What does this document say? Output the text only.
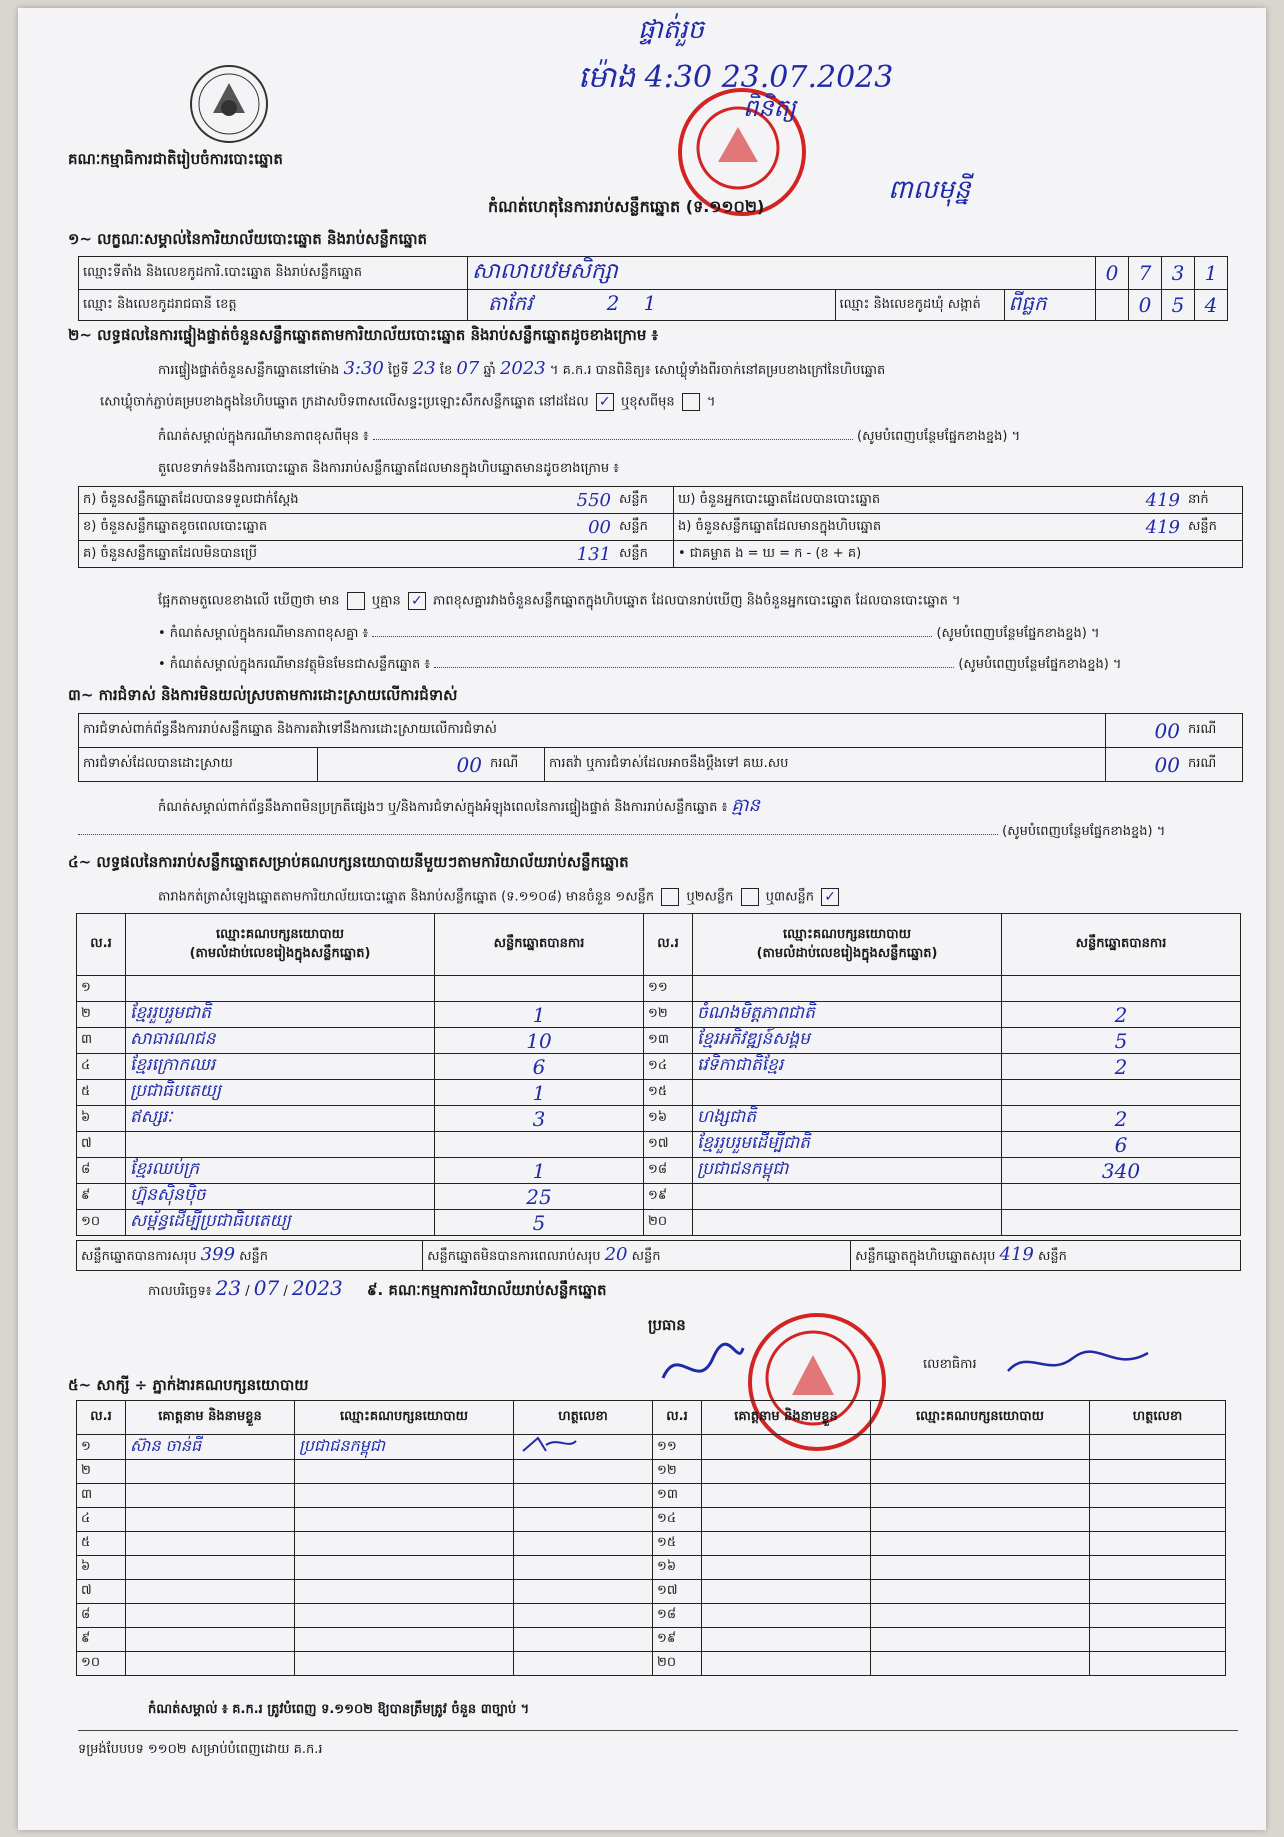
គណៈកម្មាធិការជាតិរៀបចំការបោះឆ្នោត
ផ្ទាត់រួច
ម៉ោង 4:30 23.07.2023
ពិនិត្យ
ពាលមុន្នី
កំណត់ហេតុនៃការរាប់សន្លឹកឆ្នោត (ទ.១១០២)
១~ លក្ខណៈសម្គាល់នៃការិយាល័យបោះឆ្នោត និងរាប់សន្លឹកឆ្នោត
ឈ្មោះទីតាំង និងលេខកូដការិ.បោះឆ្នោត និងរាប់សន្លឹកឆ្នោត	សាលាបឋមសិក្សា			0	7	3	1
ឈ្មោះ និងលេខកូដរាជធានី ខេត្ត	តាកែវ 2 1	ឈ្មោះ និងលេខកូដឃុំ សង្កាត់	ពីធ្លក		0	5	4
២~ លទ្ធផលនៃការផ្ទៀងផ្ទាត់ចំនួនសន្លឹកឆ្នោតតាមការិយាល័យបោះឆ្នោត និងរាប់សន្លឹកឆ្នោតដូចខាងក្រោម ៖
ការផ្ទៀងផ្ទាត់ចំនួនសន្លឹកឆ្នោតនៅម៉ោង 3:30 ថ្ងៃទី 23 ខែ 07 ឆ្នាំ 2023 ។ គ.ក.រ បានពិនិត្យ៖ សោឃ្លុំទាំងពីរចាក់នៅគម្របខាងក្រៅនៃហិបឆ្នោត
សោឃ្លុំចាក់ភ្ជាប់គម្របខាងក្នុងនៃហិបឆ្នោត ក្រដាសបិទពាសលើសន្ទះប្រឡោះសឹកសន្លឹកឆ្នោត នៅដដែល ✓ ឬខុសពីមុន ។
កំណត់សម្គាល់ក្នុងករណីមានភាពខុសពីមុន ៖	(សូមបំពេញបន្ថែមផ្នែកខាងខ្នង) ។
តួលេខទាក់ទងនឹងការបោះឆ្នោត និងការរាប់សន្លឹកឆ្នោតដែលមានក្នុងហិបឆ្នោតមានដូចខាងក្រោម ៖
ក) ចំនួនសន្លឹកឆ្នោតដែលបានទទួលជាក់ស្តែង	550	សន្លឹក	ឃ) ចំនួនអ្នកបោះឆ្នោតដែលបានបោះឆ្នោត	419	នាក់
ខ) ចំនួនសន្លឹកឆ្នោតខូចពេលបោះឆ្នោត	00	សន្លឹក	ង) ចំនួនសន្លឹកឆ្នោតដែលមានក្នុងហិបឆ្នោត	419	សន្លឹក
គ) ចំនួនសន្លឹកឆ្នោតដែលមិនបានប្រើ	131	សន្លឹក	• ជាគម្លាត ង = ឃ = ក - (ខ + គ)		
ផ្អែកតាមតួលេខខាងលើ ឃើញថា មាន ឬគ្មាន ✓ ភាពខុសគ្នារវាងចំនួនសន្លឹកឆ្នោតក្នុងហិបឆ្នោត ដែលបានរាប់ឃើញ និងចំនួនអ្នកបោះឆ្នោត ដែលបានបោះឆ្នោត ។
• កំណត់សម្គាល់ក្នុងករណីមានភាពខុសគ្នា ៖	(សូមបំពេញបន្ថែមផ្នែកខាងខ្នង) ។
• កំណត់សម្គាល់ក្នុងករណីមានវត្ថុមិនមែនជាសន្លឹកឆ្នោត ៖	(សូមបំពេញបន្ថែមផ្នែកខាងខ្នង) ។
៣~ ការជំទាស់ និងការមិនយល់ស្របតាមការដោះស្រាយលើការជំទាស់
ការជំទាស់ពាក់ព័ន្ធនឹងការរាប់សន្លឹកឆ្នោត និងការតវ៉ាទៅនឹងការដោះស្រាយលើការជំទាស់				00	ករណី
ការជំទាស់ដែលបានដោះស្រាយ	00	ករណី	ការតវ៉ា ឬការជំទាស់ដែលអាចនឹងប្តឹងទៅ គឃ.សប	00	ករណី
កំណត់សម្គាល់ពាក់ព័ន្ធនឹងភាពមិនប្រក្រតីផ្សេងៗ ឬ/និងការជំទាស់ក្នុងអំឡុងពេលនៃការផ្ទៀងផ្ទាត់ និងការរាប់សន្លឹកឆ្នោត ៖ គ្មាន
(សូមបំពេញបន្ថែមផ្នែកខាងខ្នង) ។
៤~ លទ្ធផលនៃការរាប់សន្លឹកឆ្នោតសម្រាប់គណបក្សនយោបាយនីមួយៗតាមការិយាល័យរាប់សន្លឹកឆ្នោត
តារាងកត់ត្រាសំឡេងឆ្នោតតាមការិយាល័យបោះឆ្នោត និងរាប់សន្លឹកឆ្នោត (ទ.១១០៨) មានចំនួន ១សន្លឹក ឬ២សន្លឹក ឬ៣សន្លឹក ✓
ល.រ	ឈ្មោះគណបក្សនយោបាយ
(តាមលំដាប់លេខរៀងក្នុងសន្លឹកឆ្នោត)	សន្លឹកឆ្នោតបានការ	ល.រ	ឈ្មោះគណបក្សនយោបាយ
(តាមលំដាប់លេខរៀងក្នុងសន្លឹកឆ្នោត)	សន្លឹកឆ្នោតបានការ
១			១១		
២	ខ្មែររួបរួមជាតិ	1	១២	ចំណងមិត្តភាពជាតិ	2
៣	សាធារណជន	10	១៣	ខ្មែរអភិវឌ្ឍន៍សង្គម	5
៤	ខ្មែរក្រោកឈរ	6	១៤	វេទិកាជាតិខ្មែរ	2
៥	ប្រជាធិបតេយ្យ	1	១៥		
៦	ឥស្សរៈ	3	១៦	ហង្សជាតិ	2
៧			១៧	ខ្មែររួបរួមដើម្បីជាតិ	6
៨	ខ្មែរឈប់ក្រ	1	១៨	ប្រជាជនកម្ពុជា	340
៩	ហ្វ៊ុនស៊ិនប៉ិច	25	១៩		
១០	សម្ព័ន្ធដើម្បីប្រជាធិបតេយ្យ	5	២០		
សន្លឹកឆ្នោតបានការសរុប 399 សន្លឹក	សន្លឹកឆ្នោតមិនបានការពេលរាប់សរុប 20 សន្លឹក	សន្លឹកឆ្នោតក្នុងហិបឆ្នោតសរុប 419 សន្លឹក
កាលបរិច្ឆេទ៖ 23 / 07 / 2023 ៩. គណៈកម្មការការិយាល័យរាប់សន្លឹកឆ្នោត
ប្រធាន
លេខាធិការ
៥~ សាក្សី ÷ ភ្នាក់ងារគណបក្សនយោបាយ
ល.រ	គោត្តនាម និងនាមខ្លួន	ឈ្មោះគណបក្សនយោបាយ	ហត្ថលេខា	ល.រ	គោត្តនាម និងនាមខ្លួន	ឈ្មោះគណបក្សនយោបាយ	ហត្ថលេខា
១	ស៊ាន ចាន់ធី	ប្រជាជនកម្ពុជា		១១			
២				១២			
៣				១៣			
៤				១៤			
៥				១៥			
៦				១៦			
៧				១៧			
៨				១៨			
៩				១៩			
១០				២០			
កំណត់សម្គាល់ ៖ គ.ក.រ ត្រូវបំពេញ ទ.១១០២ ឱ្យបានត្រឹមត្រូវ ចំនួន ៣ច្បាប់ ។
ទម្រង់បែបបទ ១១០២ សម្រាប់បំពេញដោយ គ.ក.រ
